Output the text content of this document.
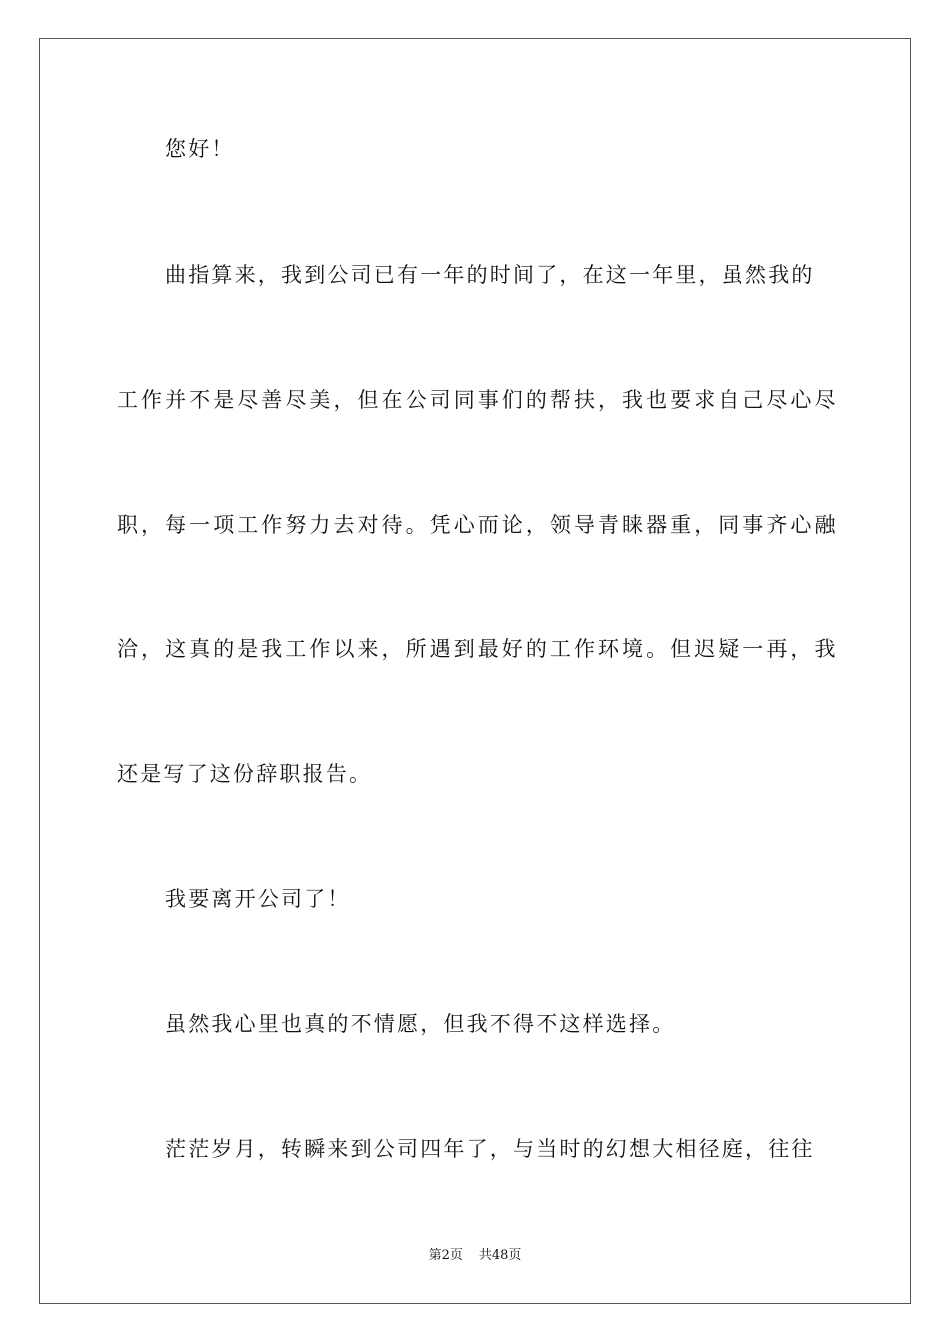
您好！

曲指算来，我到公司已有一年的时间了，在这一年里，虽然我的

工作并不是尽善尽美，但在公司同事们的帮扶，我也要求自己尽心尽

职，每一项工作努力去对待。凭心而论，领导青睐器重，同事齐心融

洽，这真的是我工作以来，所遇到最好的工作环境。但迟疑一再，我

还是写了这份辞职报告。

我要离开公司了！

虽然我心里也真的不情愿，但我不得不这样选择。

茫茫岁月，转瞬来到公司四年了，与当时的幻想大相径庭，往往

第2页 共48页
